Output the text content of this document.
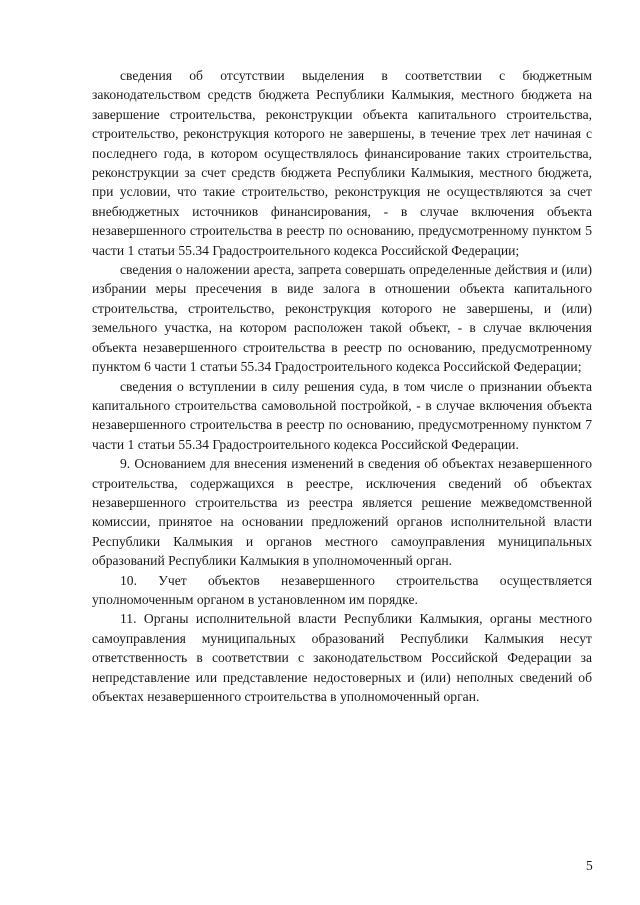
сведения об отсутствии выделения в соответствии с бюджетным законодательством средств бюджета Республики Калмыкия, местного бюджета на завершение строительства, реконструкции объекта капитального строительства, строительство, реконструкция которого не завершены, в течение трех лет начиная с последнего года, в котором осуществлялось финансирование таких строительства, реконструкции за счет средств бюджета Республики Калмыкия, местного бюджета, при условии, что такие строительство, реконструкция не осуществляются за счет внебюджетных источников финансирования, - в случае включения объекта незавершенного строительства в реестр по основанию, предусмотренному пунктом 5 части 1 статьи 55.34 Градостроительного кодекса Российской Федерации;

сведения о наложении ареста, запрета совершать определенные действия и (или) избрании меры пресечения в виде залога в отношении объекта капитального строительства, строительство, реконструкция которого не завершены, и (или) земельного участка, на котором расположен такой объект, - в случае включения объекта незавершенного строительства в реестр по основанию, предусмотренному пунктом 6 части 1 статьи 55.34 Градостроительного кодекса Российской Федерации;

сведения о вступлении в силу решения суда, в том числе о признании объекта капитального строительства самовольной постройкой, - в случае включения объекта незавершенного строительства в реестр по основанию, предусмотренному пунктом 7 части 1 статьи 55.34 Градостроительного кодекса Российской Федерации.

9. Основанием для внесения изменений в сведения об объектах незавершенного строительства, содержащихся в реестре, исключения сведений об объектах незавершенного строительства из реестра является решение межведомственной комиссии, принятое на основании предложений органов исполнительной власти Республики Калмыкия и органов местного самоуправления муниципальных образований Республики Калмыкия в уполномоченный орган.

10. Учет объектов незавершенного строительства осуществляется уполномоченным органом в установленном им порядке.

11. Органы исполнительной власти Республики Калмыкия, органы местного самоуправления муниципальных образований Республики Калмыкия несут ответственность в соответствии с законодательством Российской Федерации за непредставление или представление недостоверных и (или) неполных сведений об объектах незавершенного строительства в уполномоченный орган.

5
